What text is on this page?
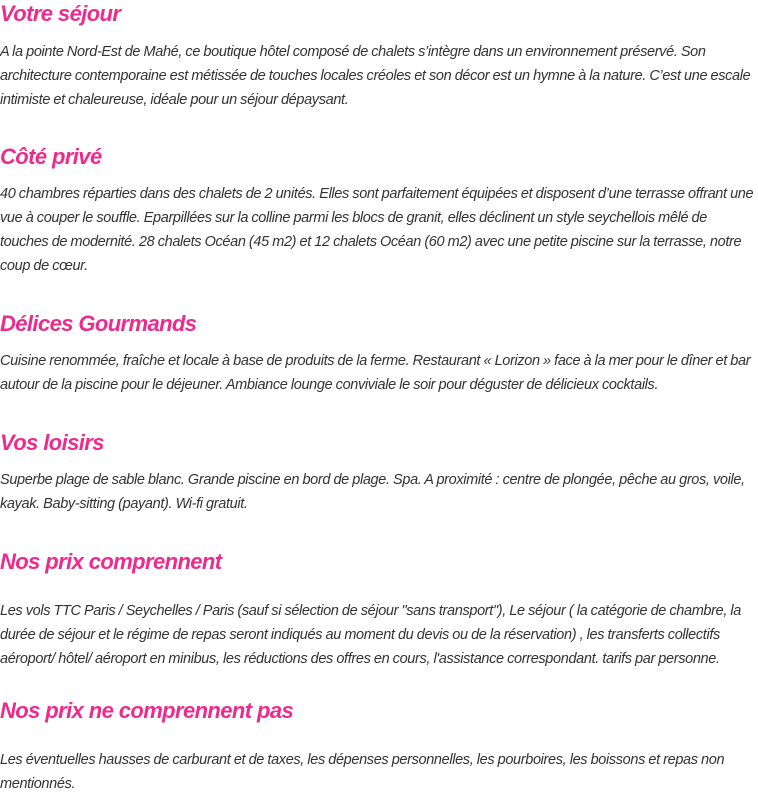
Votre séjour

A la pointe Nord-Est de Mahé, ce boutique hôtel composé de chalets s’intègre dans un environnement préservé. Son architecture contemporaine est métissée de touches locales créoles et son décor est un hymne à la nature. C’est une escale intimiste et chaleureuse, idéale pour un séjour dépaysant.

Côté privé

40 chambres réparties dans des chalets de 2 unités. Elles sont parfaitement équipées et disposent d’une terrasse offrant une vue à couper le souffle. Eparpillées sur la colline parmi les blocs de granit, elles déclinent un style seychellois mêlé de touches de modernité. 28 chalets Océan (45 m2) et 12 chalets Océan (60 m2) avec une petite piscine sur la terrasse, notre coup de cœur.

Délices Gourmands

Cuisine renommée, fraîche et locale à base de produits de la ferme. Restaurant « Lorizon » face à la mer pour le dîner et bar autour de la piscine pour le déjeuner. Ambiance lounge conviviale le soir pour déguster de délicieux cocktails.

Vos loisirs

Superbe plage de sable blanc. Grande piscine en bord de plage. Spa. A proximité : centre de plongée, pêche au gros, voile, kayak. Baby-sitting (payant). Wi-fi gratuit.

Nos prix comprennent

Les vols TTC Paris / Seychelles / Paris (sauf si sélection de séjour "sans transport"), Le séjour ( la catégorie de chambre, la durée de séjour et le régime de repas seront indiqués au moment du devis ou de la réservation) , les transferts collectifs aéroport/ hôtel/ aéroport en minibus, les réductions des offres en cours, l'assistance correspondant. tarifs par personne.

Nos prix ne comprennent pas

Les éventuelles hausses de carburant et de taxes, les dépenses personnelles, les pourboires, les boissons et repas non mentionnés.
